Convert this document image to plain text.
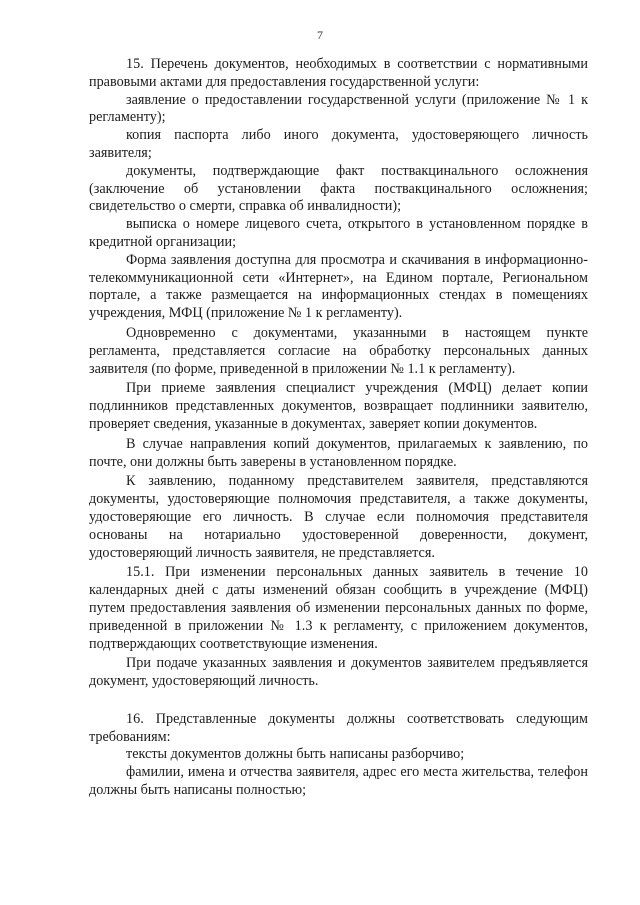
7

15. Перечень документов, необходимых в соответствии с нормативными правовыми актами для предоставления государственной услуги:

заявление о предоставлении государственной услуги (приложение № 1 к регламенту);

копия паспорта либо иного документа, удостоверяющего личность заявителя;

документы, подтверждающие факт поствакцинального осложнения (заключение об установлении факта поствакцинального осложнения; свидетельство о смерти, справка об инвалидности);

выписка о номере лицевого счета, открытого в установленном порядке в кредитной организации;

Форма заявления доступна для просмотра и скачивания в информационно-телекоммуникационной сети «Интернет», на Едином портале, Региональном портале, а также размещается на информационных стендах в помещениях учреждения, МФЦ (приложение № 1 к регламенту).

Одновременно с документами, указанными в настоящем пункте регламента, представляется согласие на обработку персональных данных заявителя (по форме, приведенной в приложении № 1.1 к регламенту).

При приеме заявления специалист учреждения (МФЦ) делает копии подлинников представленных документов, возвращает подлинники заявителю, проверяет сведения, указанные в документах, заверяет копии документов.

В случае направления копий документов, прилагаемых к заявлению, по почте, они должны быть заверены в установленном порядке.

К заявлению, поданному представителем заявителя, представляются документы, удостоверяющие полномочия представителя, а также документы, удостоверяющие его личность. В случае если полномочия представителя основаны на нотариально удостоверенной доверенности, документ, удостоверяющий личность заявителя, не представляется.

15.1. При изменении персональных данных заявитель в течение 10 календарных дней с даты изменений обязан сообщить в учреждение (МФЦ) путем предоставления заявления об изменении персональных данных по форме, приведенной в приложении № 1.3 к регламенту, с приложением документов, подтверждающих соответствующие изменения.

При подаче указанных заявления и документов заявителем предъявляется документ, удостоверяющий личность.

16. Представленные документы должны соответствовать следующим требованиям:

тексты документов должны быть написаны разборчиво;

фамилии, имена и отчества заявителя, адрес его места жительства, телефон должны быть написаны полностью;
